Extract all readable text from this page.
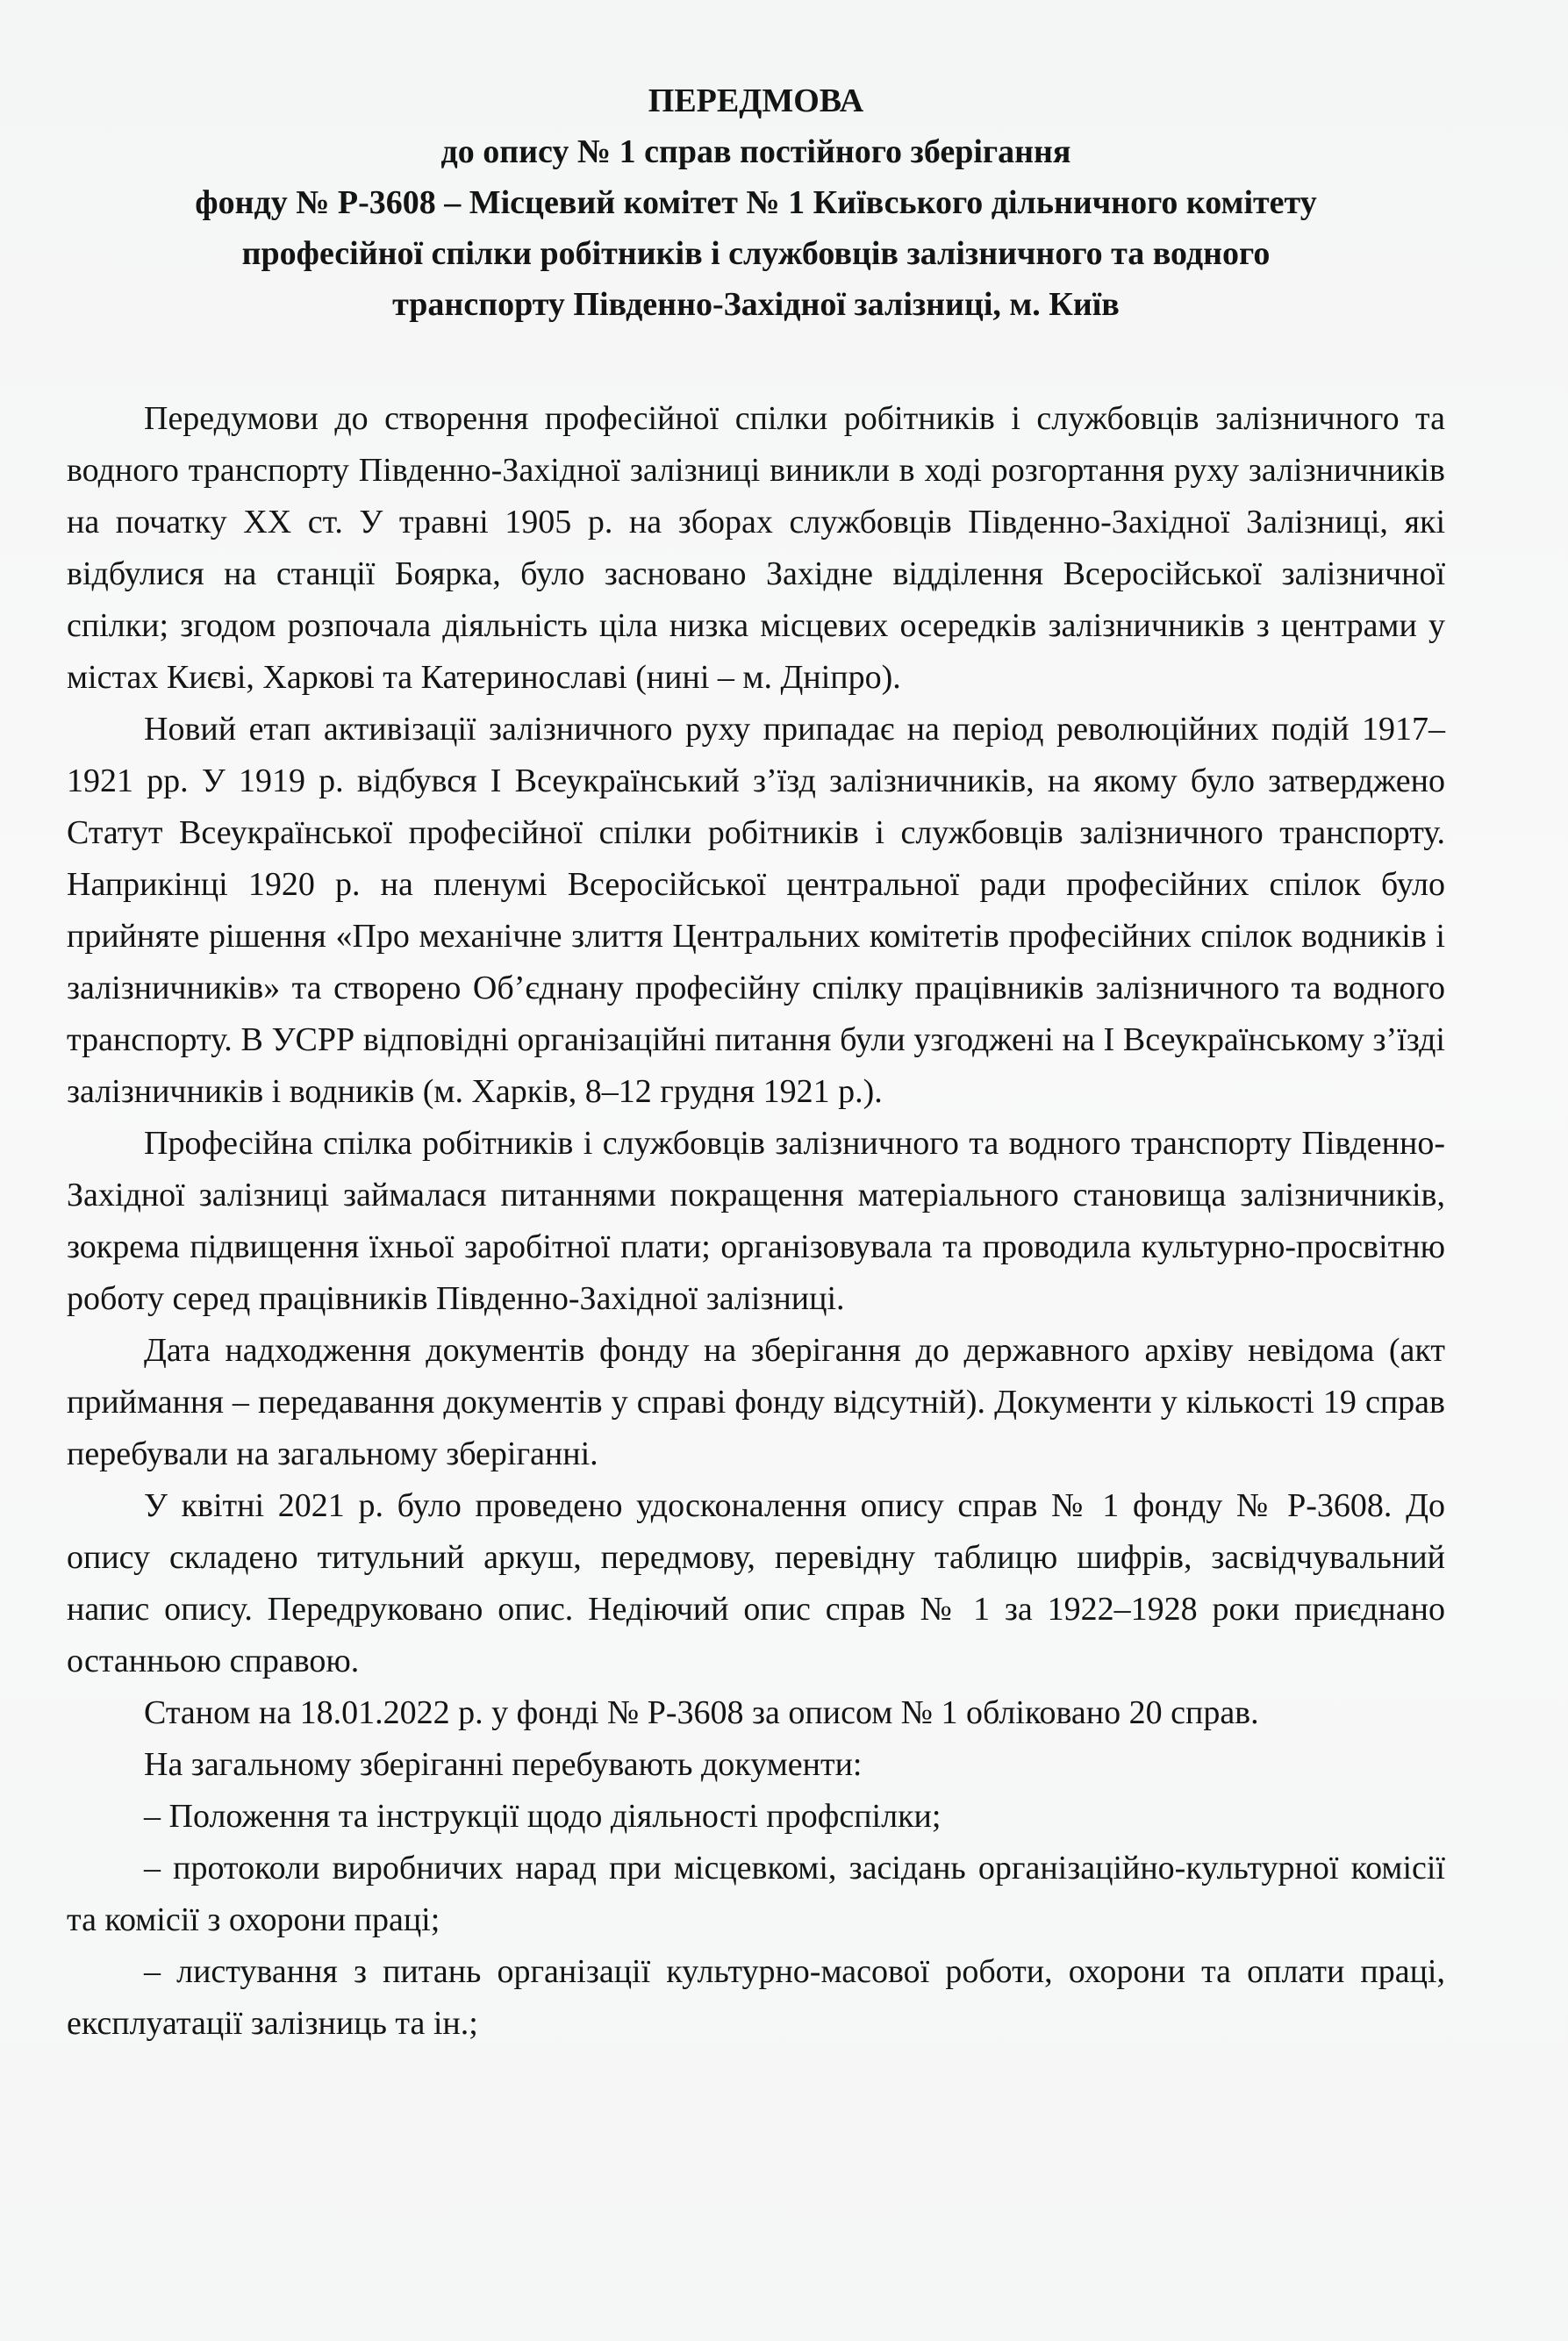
ПЕРЕДМОВА
до опису № 1 справ постійного зберігання
фонду № Р-3608 – Місцевий комітет № 1 Київського дільничного комітету
професійної спілки робітників і службовців залізничного та водного
транспорту Південно-Західної залізниці, м. Київ

Передумови до створення професійної спілки робітників і службовців залізничного та водного транспорту Південно-Західної залізниці виникли в ході розгортання руху залізничників на початку ХХ ст. У травні 1905 р. на зборах службовців Південно-Західної Залізниці, які відбулися на станції Боярка, було засновано Західне відділення Всеросійської залізничної спілки; згодом розпочала діяльність ціла низка місцевих осередків залізничників з центрами у містах Києві, Харкові та Катеринославі (нині – м. Дніпро).

Новий етап активізації залізничного руху припадає на період революційних подій 1917–1921 рр. У 1919 р. відбувся І Всеукраїнський з’їзд залізничників, на якому було затверджено Статут Всеукраїнської професійної спілки робітників і службовців залізничного транспорту. Наприкінці 1920 р. на пленумі Всеросійської центральної ради професійних спілок було прийняте рішення «Про механічне злиття Центральних комітетів професійних спілок водників і залізничників» та створено Об’єднану професійну спілку працівників залізничного та водного транспорту. В УСРР відповідні організаційні питання були узгоджені на І Всеукраїнському з’їзді залізничників і водників (м. Харків, 8–12 грудня 1921 р.).

Професійна спілка робітників і службовців залізничного та водного транспорту Південно-Західної залізниці займалася питаннями покращення матеріального становища залізничників, зокрема підвищення їхньої заробітної плати; організовувала та проводила культурно-просвітню роботу серед працівників Південно-Західної залізниці.

Дата надходження документів фонду на зберігання до державного архіву невідома (акт приймання – передавання документів у справі фонду відсутній). Документи у кількості 19 справ перебували на загальному зберіганні.

У квітні 2021 р. було проведено удосконалення опису справ № 1 фонду № Р-3608. До опису складено титульний аркуш, передмову, перевідну таблицю шифрів, засвідчувальний напис опису. Передруковано опис. Недіючий опис справ № 1 за 1922–1928 роки приєднано останньою справою.

Станом на 18.01.2022 р. у фонді № Р-3608 за описом № 1 обліковано 20 справ.

На загальному зберіганні перебувають документи:

– Положення та інструкції щодо діяльності профспілки;

– протоколи виробничих нарад при місцевкомі, засідань організаційно-культурної комісії та комісії з охорони праці;

– листування з питань організації культурно-масової роботи, охорони та оплати праці, експлуатації залізниць та ін.;
